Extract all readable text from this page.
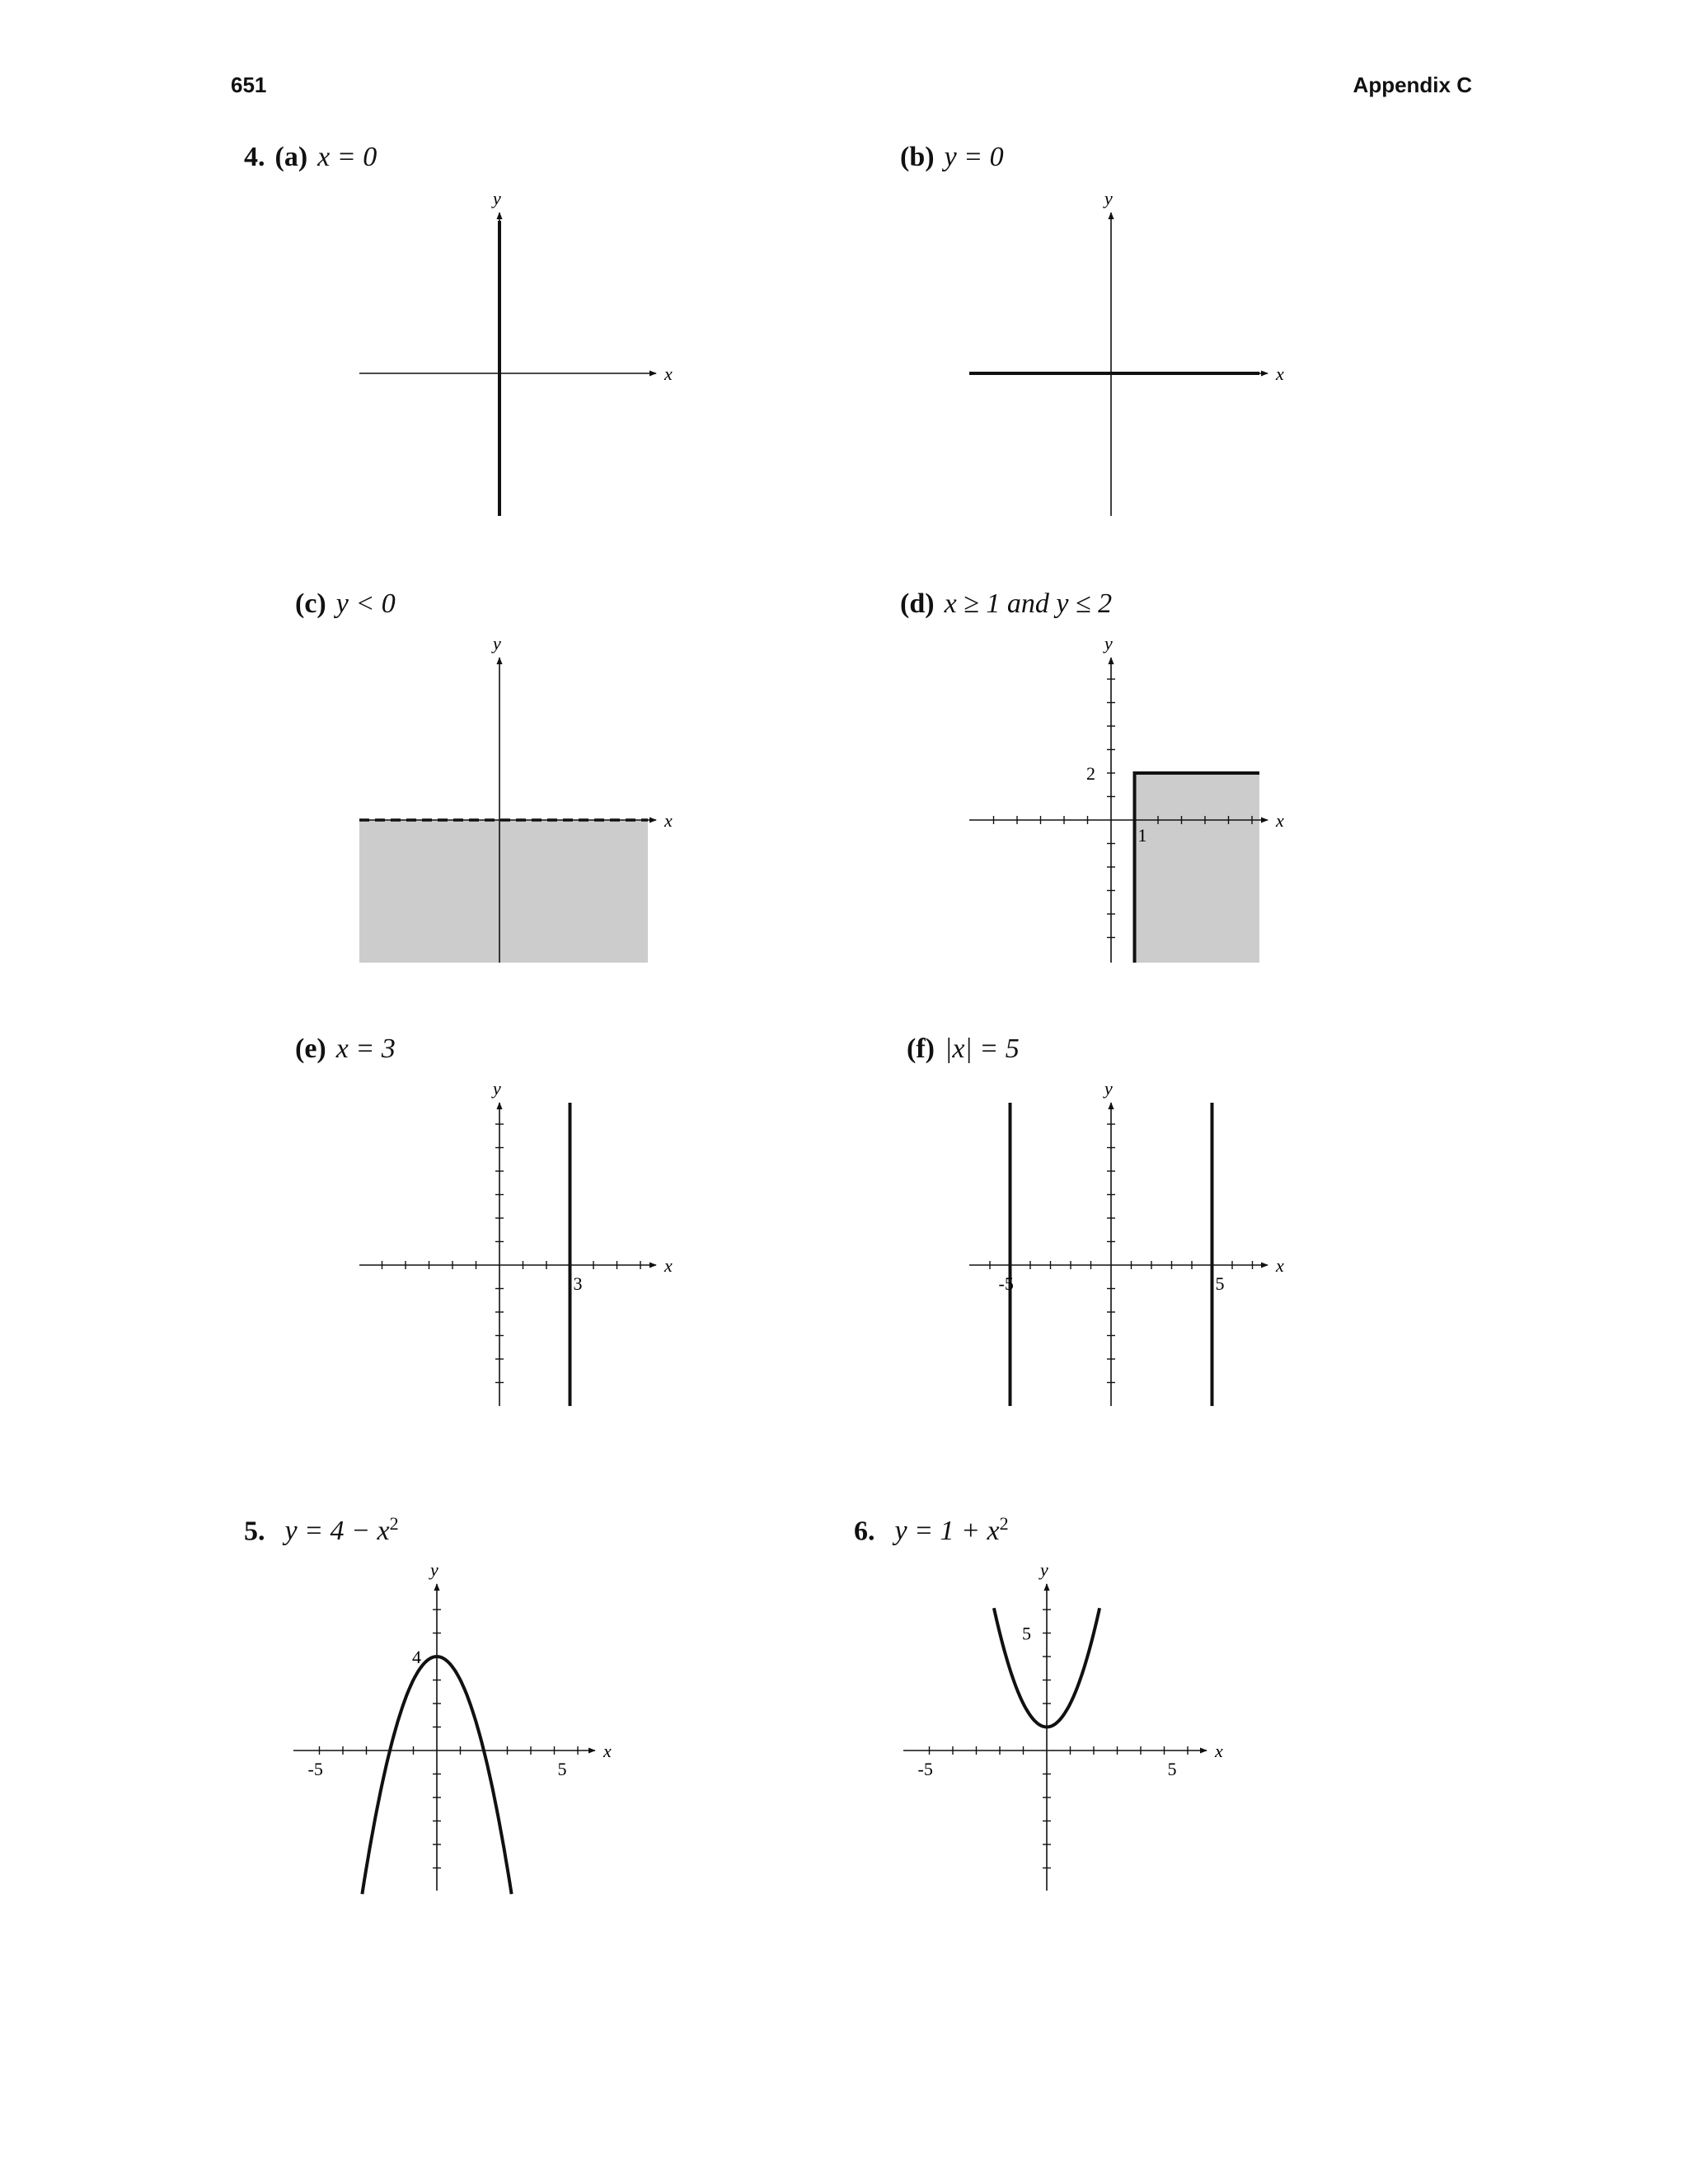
651	Appendix C
4. (a) x = 0	(b) y = 0
(c) y < 0	(d) x ≥ 1 and y ≤ 2
(e) x = 3	(f) |x| = 5
5. $y = 4 - x^2$	6. $y = 1 + x^2$
x
y
x
y
x
y
x
y
1
2
x
y
3
x
y
-5	5
x
y
-5	5
4
x
y
-5	5
5
